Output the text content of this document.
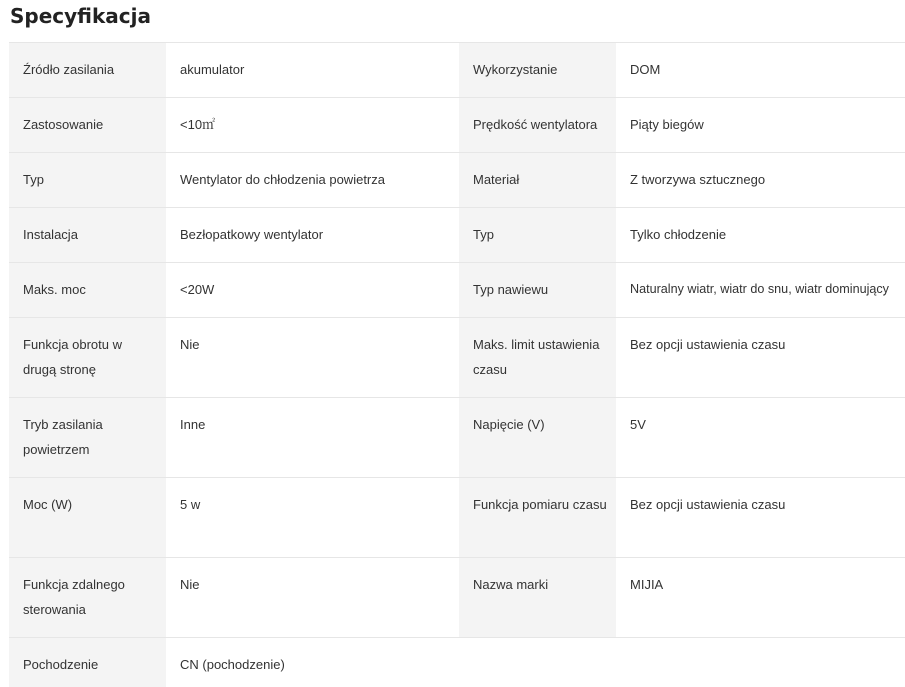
Specyfikacja
Źródło zasilania	akumulator	Wykorzystanie	DOM
Zastosowanie	<10㎡	Prędkość wentylatora	Piąty biegów
Typ	Wentylator do chłodzenia powietrza	Materiał	Z tworzywa sztucznego
Instalacja	Bezłopatkowy wentylator	Typ	Tylko chłodzenie
Maks. moc	<20W	Typ nawiewu	Naturalny wiatr, wiatr do snu, wiatr dominujący
Funkcja obrotu w drugą stronę	Nie	Maks. limit ustawienia czasu	Bez opcji ustawienia czasu
Tryb zasilania powietrzem	Inne	Napięcie (V)	5V
Moc (W)	5 w	Funkcja pomiaru czasu	Bez opcji ustawienia czasu
Funkcja zdalnego sterowania	Nie	Nazwa marki	MIJIA
Pochodzenie	CN (pochodzenie)		
